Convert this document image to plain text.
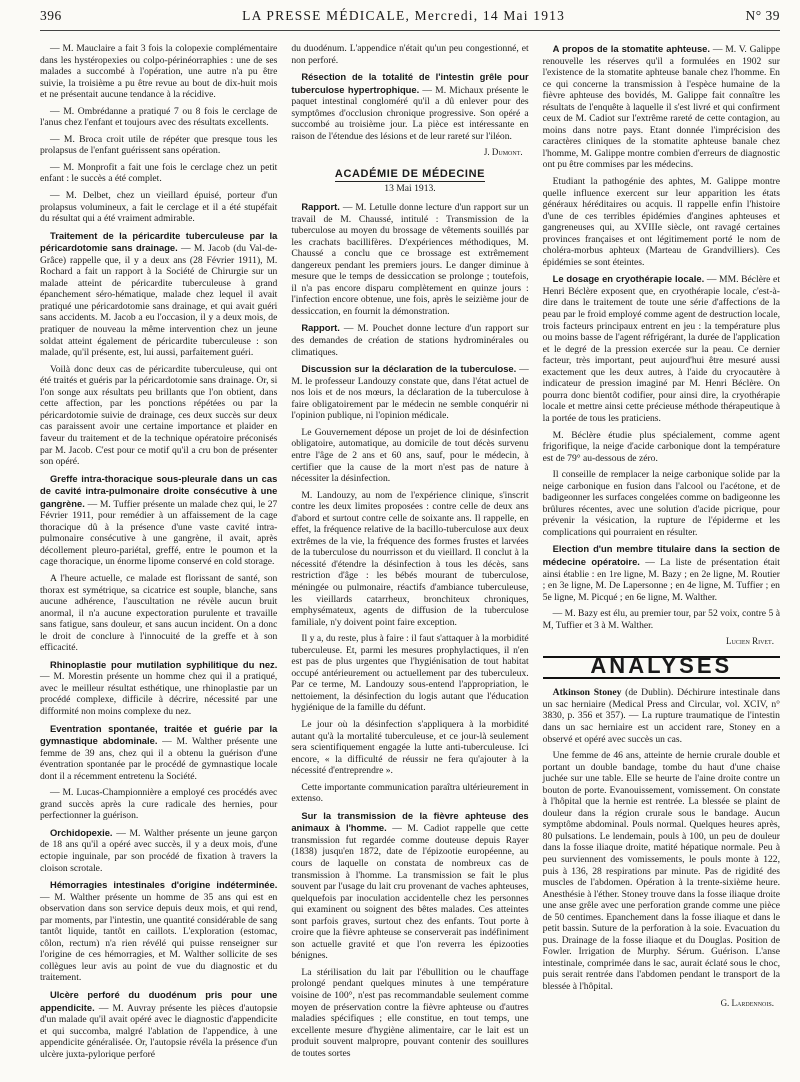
396	LA PRESSE MÉDICALE, Mercredi, 14 Mai 1913	N° 39

— M. Mauclaire a fait 3 fois la colopexie complémentaire dans les hystéropexies ou colpo-périnéorraphies : une de ses malades a succombé à l'opération, une autre n'a pu être suivie, la troisième a pu être revue au bout de dix-huit mois et ne présentait aucune tendance à la récidive.

— M. Ombrédanne a pratiqué 7 ou 8 fois le cerclage de l'anus chez l'enfant et toujours avec des résultats excellents.

— M. Broca croit utile de répéter que presque tous les prolapsus de l'enfant guérissent sans opération.

— M. Monprofit a fait une fois le cerclage chez un petit enfant : le succès a été complet.

— M. Delbet, chez un vieillard épuisé, porteur d'un prolapsus volumineux, a fait le cerclage et il a été stupéfait du résultat qui a été vraiment admirable.

Traitement de la péricardite tuberculeuse par la péricardotomie sans drainage. — M. Jacob (du Val-de-Grâce) rappelle que, il y a deux ans (28 Février 1911), M. Rochard a fait un rapport à la Société de Chirurgie sur un malade atteint de péricardite tuberculeuse à grand épanchement séro-hématique, malade chez lequel il avait pratiqué une péricardotomie sans drainage, et qui avait guéri sans accidents. M. Jacob a eu l'occasion, il y a deux mois, de pratiquer de nouveau la même intervention chez un jeune soldat atteint également de péricardite tuberculeuse : son malade, qu'il présente, est, lui aussi, parfaitement guéri.

Voilà donc deux cas de péricardite tuberculeuse, qui ont été traités et guéris par la péricardotomie sans drainage. Or, si l'on songe aux résultats peu brillants que l'on obtient, dans cette affection, par les ponctions répétées ou par la péricardotomie suivie de drainage, ces deux succès sur deux cas paraissent avoir une certaine importance et plaider en faveur du traitement et de la technique opératoire préconisés par M. Jacob. C'est pour ce motif qu'il a cru bon de présenter son opéré.

Greffe intra-thoracique sous-pleurale dans un cas de cavité intra-pulmonaire droite consécutive à une gangrène. — M. Tuffier présente un malade chez qui, le 27 Février 1911, pour remédier à un affaissement de la cage thoracique dû à la présence d'une vaste cavité intra-pulmonaire consécutive à une gangrène, il avait, après décollement pleuro-pariétal, greffé, entre le poumon et la cage thoracique, un énorme lipome conservé en cold storage.

A l'heure actuelle, ce malade est florissant de santé, son thorax est symétrique, sa cicatrice est souple, blanche, sans aucune adhérence, l'auscultation ne révèle aucun bruit anormal, il n'a aucune expectoration purulente et travaille sans fatigue, sans douleur, et sans aucun incident. On a donc le droit de conclure à l'innocuité de la greffe et à son efficacité.

Rhinoplastie pour mutilation syphilitique du nez. — M. Morestin présente un homme chez qui il a pratiqué, avec le meilleur résultat esthétique, une rhinoplastie par un procédé complexe, difficile à décrire, nécessité par une difformité non moins complexe du nez.

Eventration spontanée, traitée et guérie par la gymnastique abdominale. — M. Walther présente une femme de 39 ans, chez qui il a obtenu la guérison d'une éventration spontanée par le procédé de gymnastique locale dont il a récemment entretenu la Société.

— M. Lucas-Championnière a employé ces procédés avec grand succès après la cure radicale des hernies, pour perfectionner la guérison.

Orchidopexie. — M. Walther présente un jeune garçon de 18 ans qu'il a opéré avec succès, il y a deux mois, d'une ectopie inguinale, par son procédé de fixation à travers la cloison scrotale.

Hémorragies intestinales d'origine indéterminée. — M. Walther présente un homme de 35 ans qui est en observation dans son service depuis deux mois, et qui rend, par moments, par l'intestin, une quantité considérable de sang tantôt liquide, tantôt en caillots. L'exploration (estomac, côlon, rectum) n'a rien révélé qui puisse renseigner sur l'origine de ces hémorragies, et M. Walther sollicite de ses collègues leur avis au point de vue du diagnostic et du traitement.

Ulcère perforé du duodénum pris pour une appendicite. — M. Auvray présente les pièces d'autopsie d'un malade qu'il avait opéré avec le diagnostic d'appendicite et qui succomba, malgré l'ablation de l'appendice, à une appendicite généralisée. Or, l'autopsie révéla la présence d'un ulcère juxta-pylorique perforé

du duodénum. L'appendice n'était qu'un peu congestionné, et non perforé.

Résection de la totalité de l'intestin grêle pour tuberculose hypertrophique. — M. Michaux présente le paquet intestinal congloméré qu'il a dû enlever pour des symptômes d'occlusion chronique progressive. Son opéré a succombé au troisième jour. La pièce est intéressante en raison de l'étendue des lésions et de leur rareté sur l'iléon.

J. Dumont.
ACADÉMIE DE MÉDECINE
13 Mai 1913.

Rapport. — M. Letulle donne lecture d'un rapport sur un travail de M. Chaussé, intitulé : Transmission de la tuberculose au moyen du brossage de vêtements souillés par les crachats bacillifères. D'expériences méthodiques, M. Chaussé a conclu que ce brossage est extrêmement dangereux pendant les premiers jours. Le danger diminue à mesure que le temps de dessiccation se prolonge ; toutefois, il n'a pas encore disparu complètement en quinze jours : l'infection encore obtenue, une fois, après le seizième jour de dessiccation, en fournit la démonstration.

Rapport. — M. Pouchet donne lecture d'un rapport sur des demandes de création de stations hydrominérales ou climatiques.

Discussion sur la déclaration de la tuberculose. — M. le professeur Landouzy constate que, dans l'état actuel de nos lois et de nos mœurs, la déclaration de la tuberculose à faire obligatoirement par le médecin ne semble conquérir ni l'opinion publique, ni l'opinion médicale.

Le Gouvernement dépose un projet de loi de désinfection obligatoire, automatique, au domicile de tout décès survenu entre l'âge de 2 ans et 60 ans, sauf, pour le médecin, à certifier que la cause de la mort n'est pas de nature à nécessiter la désinfection.

M. Landouzy, au nom de l'expérience clinique, s'inscrit contre les deux limites proposées : contre celle de deux ans d'abord et surtout contre celle de soixante ans. Il rappelle, en effet, la fréquence relative de la bacillo-tuberculose aux deux extrêmes de la vie, la fréquence des formes frustes et larvées de la tuberculose du nourrisson et du vieillard. Il conclut à la nécessité d'étendre la désinfection à tous les décès, sans restriction d'âge : les bébés mourant de tuberculose, méningée ou pulmonaire, réactifs d'ambiance tuberculeuse, les vieillards catarrheux, bronchiteux chroniques, emphysémateux, agents de diffusion de la tuberculose familiale, n'y doivent point faire exception.

Il y a, du reste, plus à faire : il faut s'attaquer à la morbidité tuberculeuse. Et, parmi les mesures prophylactiques, il n'en est pas de plus urgentes que l'hygiénisation de tout habitat occupé antérieurement ou actuellement par des tuberculeux. Par ce terme, M. Landouzy sous-entend l'appropriation, le nettoiement, la désinfection du logis autant que l'éducation hygiénique de la famille du défunt.

Le jour où la désinfection s'appliquera à la morbidité autant qu'à la mortalité tuberculeuse, et ce jour-là seulement sera scientifiquement engagée la lutte anti-tuberculeuse. Ici encore, « la difficulté de réussir ne fera qu'ajouter à la nécessité d'entreprendre ».

Cette importante communication paraîtra ultérieurement in extenso.

Sur la transmission de la fièvre aphteuse des animaux à l'homme. — M. Cadiot rappelle que cette transmission fut regardée comme douteuse depuis Rayer (1838) jusqu'en 1872, date de l'épizootie européenne, au cours de laquelle on constata de nombreux cas de transmission à l'homme. La transmission se fait le plus souvent par l'usage du lait cru provenant de vaches aphteuses, quelquefois par inoculation accidentelle chez les personnes qui examinent ou soignent des bêtes malades. Ces atteintes sont parfois graves, surtout chez des enfants. Tout porte à croire que la fièvre aphteuse se conserverait pas indéfiniment son actuelle gravité et que l'on reverra les épizooties bénignes.

La stérilisation du lait par l'ébullition ou le chauffage prolongé pendant quelques minutes à une température voisine de 100°, n'est pas recommandable seulement comme moyen de préservation contre la fièvre aphteuse ou d'autres maladies spécifiques ; elle constitue, en tout temps, une excellente mesure d'hygiène alimentaire, car le lait est un produit souvent malpropre, pouvant contenir des souillures de toutes sortes

A propos de la stomatite aphteuse. — M. V. Galippe renouvelle les réserves qu'il a formulées en 1902 sur l'existence de la stomatite aphteuse banale chez l'homme. En ce qui concerne la transmission à l'espèce humaine de la fièvre aphteuse des bovidés, M. Galippe fait connaître les résultats de l'enquête à laquelle il s'est livré et qui confirment ceux de M. Cadiot sur l'extrême rareté de cette contagion, au moins dans notre pays. Etant donnée l'imprécision des caractères cliniques de la stomatite aphteuse banale chez l'homme, M. Galippe montre combien d'erreurs de diagnostic ont pu être commises par les médecins.

Etudiant la pathogénie des aphtes, M. Galippe montre quelle influence exercent sur leur apparition les états généraux héréditaires ou acquis. Il rappelle enfin l'histoire d'une de ces terribles épidémies d'angines aphteuses et gangreneuses qui, au XVIIIe siècle, ont ravagé certaines provinces françaises et ont légitimement porté le nom de choléra-morbus aphteux (Marteau de Grandvilliers). Ces épidémies se sont éteintes.

Le dosage en cryothérapie locale. — MM. Béclère et Henri Béclère exposent que, en cryothérapie locale, c'est-à-dire dans le traitement de toute une série d'affections de la peau par le froid employé comme agent de destruction locale, trois facteurs principaux entrent en jeu : la température plus ou moins basse de l'agent réfrigérant, la durée de l'application et le degré de la pression exercée sur la peau. Ce dernier facteur, très important, peut aujourd'hui être mesuré aussi exactement que les deux autres, à l'aide du cryocautère à indicateur de pression imaginé par M. Henri Béclère. On pourra donc bientôt codifier, pour ainsi dire, la cryothérapie locale et mettre ainsi cette précieuse méthode thérapeutique à la portée de tous les praticiens.

M. Béclère étudie plus spécialement, comme agent frigorifique, la neige d'acide carbonique dont la température est de 79° au-dessous de zéro.

Il conseille de remplacer la neige carbonique solide par la neige carbonique en fusion dans l'alcool ou l'acétone, et de badigeonner les surfaces congelées comme on badigeonne les brûlures récentes, avec une solution d'acide picrique, pour prévenir la vésication, la rupture de l'épiderme et les complications qui pourraient en résulter.

Election d'un membre titulaire dans la section de médecine opératoire. — La liste de présentation était ainsi établie : en 1re ligne, M. Bazy ; en 2e ligne, M. Routier ; en 3e ligne, M. De Lapersonne ; en 4e ligne, M. Tuffier ; en 5e ligne, M. Picqué ; en 6e ligne, M. Walther.

— M. Bazy est élu, au premier tour, par 52 voix, contre 5 à M, Tuffier et 3 à M. Walther.

Lucien Rivet.
ANALYSES

Atkinson Stoney (de Dublin). Déchirure intestinale dans un sac herniaire (Medical Press and Circular, vol. XCIV, n° 3830, p. 356 et 357). — La rupture traumatique de l'intestin dans un sac herniaire est un accident rare, Stoney en a observé et opéré avec succès un cas.

Une femme de 46 ans, atteinte de hernie crurale double et portant un double bandage, tombe du haut d'une chaise juchée sur une table. Elle se heurte de l'aine droite contre un bouton de porte. Evanouissement, vomissement. On constate à l'hôpital que la hernie est rentrée. La blessée se plaint de douleur dans la région crurale sous le bandage. Aucun symptôme abdominal. Pouls normal. Quelques heures après, 80 pulsations. Le lendemain, pouls à 100, un peu de douleur dans la fosse iliaque droite, matité hépatique normale. Peu à peu surviennent des vomissements, le pouls monte à 122, puis à 136, 28 respirations par minute. Pas de rigidité des muscles de l'abdomen. Opération à la trente-sixième heure. Anesthésie à l'éther. Stoney trouve dans la fosse iliaque droite une anse grêle avec une perforation grande comme une pièce de 50 centimes. Epanchement dans la fosse iliaque et dans le petit bassin. Suture de la perforation à la soie. Evacuation du pus. Drainage de la fosse iliaque et du Douglas. Position de Fowler. Irrigation de Murphy. Sérum. Guérison. L'anse intestinale, comprimée dans le sac, aurait éclaté sous le choc, puis serait rentrée dans l'abdomen pendant le transport de la blessée à l'hôpital.

G. Lardennois.
